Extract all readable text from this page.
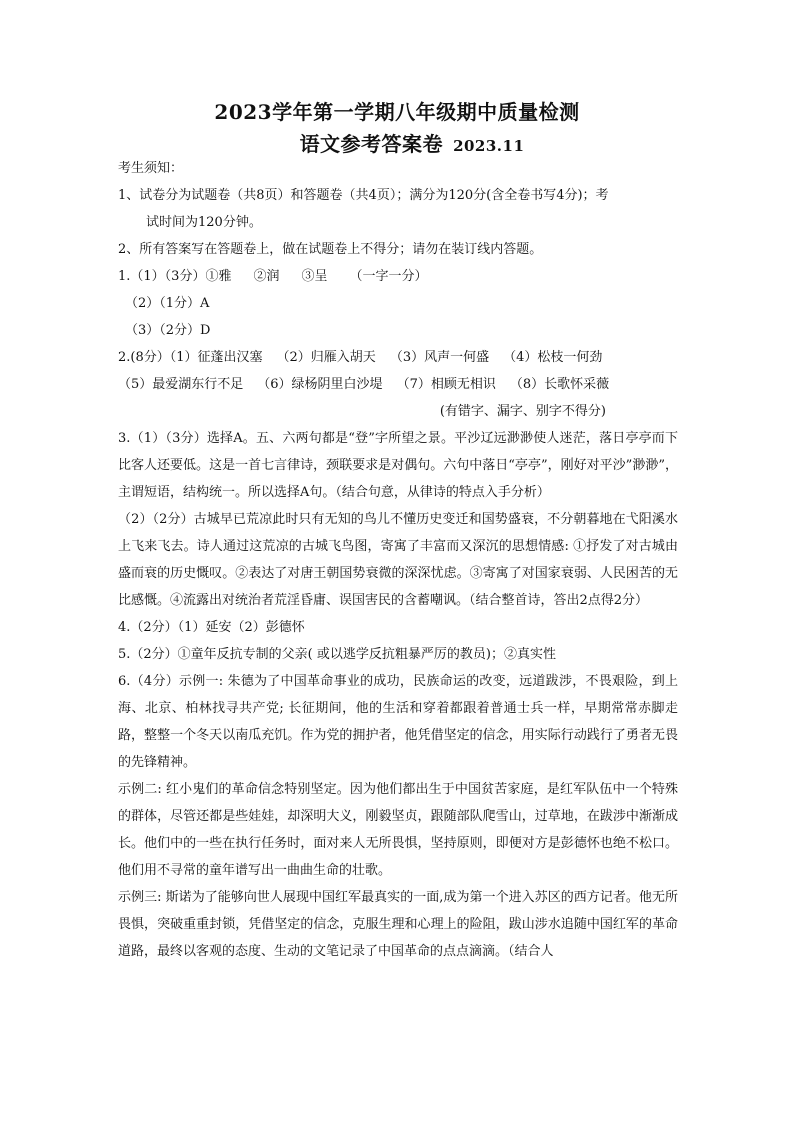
2023学年第一学期八年级期中质量检测
语文参考答案卷 2023.11

考生须知：

1、试卷分为试题卷（共8页）和答题卷（共4页）；满分为120分(含全卷书写4分)；考

试时间为120分钟。

2、所有答案写在答题卷上，做在试题卷上不得分；请勿在装订线内答题。

1.（1）（3分）①雅 ②润 ③呈 （一字一分）

（2）（1分）A

（3）（2分）D

2.(8分）（1）征蓬出汉塞 （2）归雁入胡天 （3）风声一何盛 （4）松枝一何劲

（5）最爱湖东行不足 （6）绿杨阴里白沙堤 （7）相顾无相识 （8）长歌怀采薇

(有错字、漏字、别字不得分)

3.（1）（3分）选择A。五、六两句都是“登”字所望之景。平沙辽远渺渺使人迷茫，落日亭亭而下比客人还要低。这是一首七言律诗，颈联要求是对偶句。六句中落日“亭亭”，刚好对平沙”渺渺”，主谓短语，结构统一。所以选择A句。（结合句意，从律诗的特点入手分析）

（2）（2分）古城早已荒凉此时只有无知的鸟儿不懂历史变迁和国势盛衰，不分朝暮地在弋阳溪水上飞来飞去。诗人通过这荒凉的古城飞鸟图，寄寓了丰富而又深沉的思想情感: ①抒发了对古城由盛而衰的历史慨叹。②表达了对唐王朝国势衰微的深深忧虑。③寄寓了对国家衰弱、人民困苦的无比感慨。④流露出对统治者荒淫昏庸、误国害民的含蓄嘲讽。（结合整首诗，答出2点得2分）

4.（2分）（1）延安（2）彭德怀

5.（2分）①童年反抗专制的父亲( 或以逃学反抗粗暴严厉的教员)；②真实性

6.（4分）示例一: 朱德为了中国革命事业的成功，民族命运的改变，远道跋涉，不畏艰险，到上海、北京、柏林找寻共产党; 长征期间，他的生活和穿着都跟着普通士兵一样，早期常常赤脚走路，整整一个冬天以南瓜充饥。作为党的拥护者，他凭借坚定的信念，用实际行动践行了勇者无畏的先锋精神。

示例二: 红小鬼们的革命信念特别坚定。因为他们都出生于中国贫苦家庭，是红军队伍中一个特殊的群体，尽管还都是些娃娃，却深明大义，刚毅坚贞，跟随部队爬雪山，过草地，在跋涉中渐渐成长。他们中的一些在执行任务时，面对来人无所畏惧，坚持原则，即便对方是彭德怀也绝不松口。他们用不寻常的童年谱写出一曲曲生命的壮歌。

示例三: 斯诺为了能够向世人展现中国红军最真实的一面,成为第一个进入苏区的西方记者。他无所畏惧，突破重重封锁，凭借坚定的信念，克服生理和心理上的险阻，跋山涉水追随中国红军的革命道路，最终以客观的态度、生动的文笔记录了中国革命的点点滴滴。（结合人
